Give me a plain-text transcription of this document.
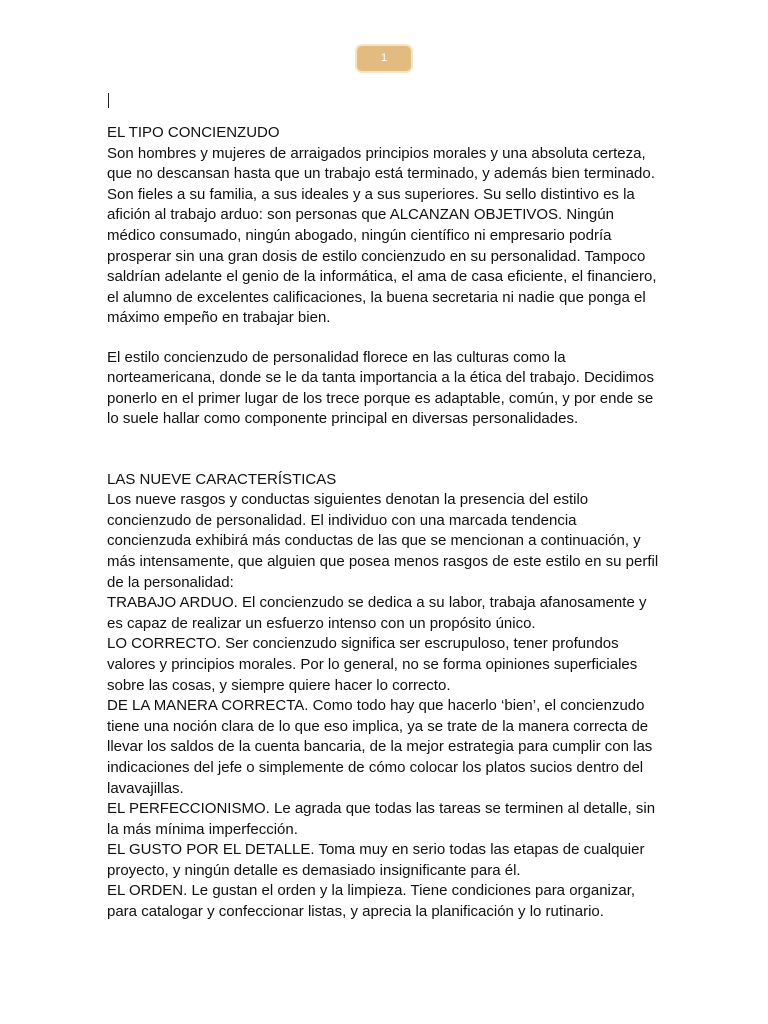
1
EL TIPO CONCIENZUDO
Son hombres y mujeres de arraigados principios morales y una absoluta certeza,
que no descansan hasta que un trabajo está terminado, y además bien terminado.
Son fieles a su familia, a sus ideales y a sus superiores. Su sello distintivo es la
afición al trabajo arduo: son personas que ALCANZAN OBJETIVOS. Ningún
médico consumado, ningún abogado, ningún científico ni empresario podría
prosperar sin una gran dosis de estilo concienzudo en su personalidad. Tampoco
saldrían adelante el genio de la informática, el ama de casa eficiente, el financiero,
el alumno de excelentes calificaciones, la buena secretaria ni nadie que ponga el
máximo empeño en trabajar bien.
El estilo concienzudo de personalidad florece en las culturas como la
norteamericana, donde se le da tanta importancia a la ética del trabajo. Decidimos
ponerlo en el primer lugar de los trece porque es adaptable, común, y por ende se
lo suele hallar como componente principal en diversas personalidades.
LAS NUEVE CARACTERÍSTICAS
Los nueve rasgos y conductas siguientes denotan la presencia del estilo
concienzudo de personalidad. El individuo con una marcada tendencia
concienzuda exhibirá más conductas de las que se mencionan a continuación, y
más intensamente, que alguien que posea menos rasgos de este estilo en su perfil
de la personalidad:
TRABAJO ARDUO. El concienzudo se dedica a su labor, trabaja afanosamente y
es capaz de realizar un esfuerzo intenso con un propósito único.
LO CORRECTO. Ser concienzudo significa ser escrupuloso, tener profundos
valores y principios morales. Por lo general, no se forma opiniones superficiales
sobre las cosas, y siempre quiere hacer lo correcto.
DE LA MANERA CORRECTA. Como todo hay que hacerlo ‘bien’, el concienzudo
tiene una noción clara de lo que eso implica, ya se trate de la manera correcta de
llevar los saldos de la cuenta bancaria, de la mejor estrategia para cumplir con las
indicaciones del jefe o simplemente de cómo colocar los platos sucios dentro del
lavavajillas.
EL PERFECCIONISMO. Le agrada que todas las tareas se terminen al detalle, sin
la más mínima imperfección.
EL GUSTO POR EL DETALLE. Toma muy en serio todas las etapas de cualquier
proyecto, y ningún detalle es demasiado insignificante para él.
EL ORDEN. Le gustan el orden y la limpieza. Tiene condiciones para organizar,
para catalogar y confeccionar listas, y aprecia la planificación y lo rutinario.
